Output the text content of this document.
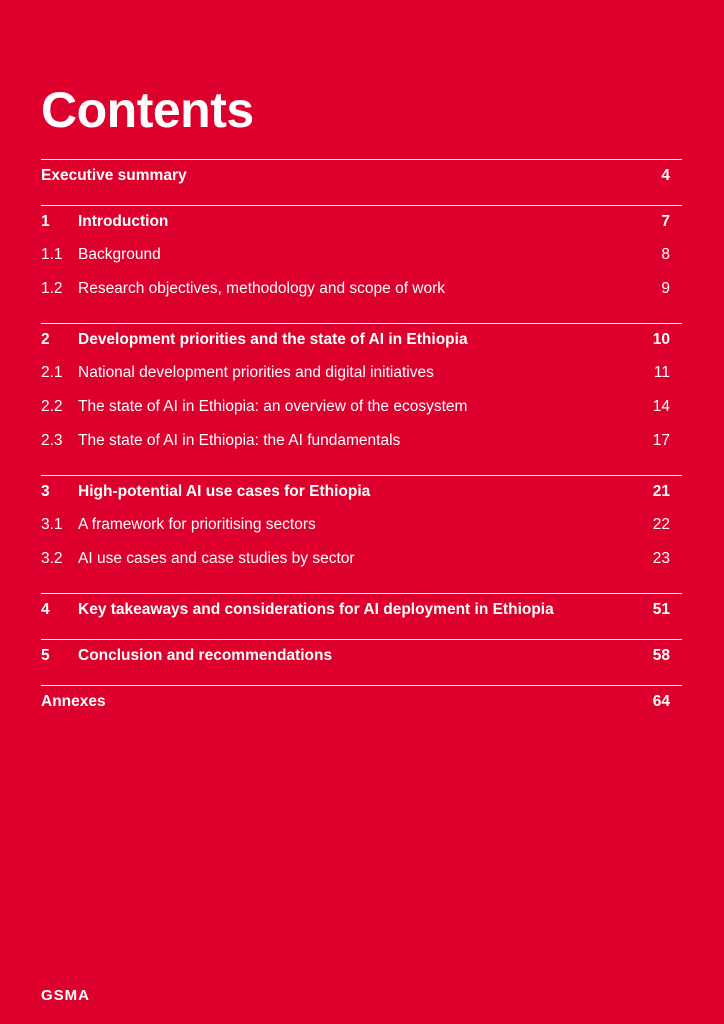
Contents
Executive summary	4
1	Introduction	7
1.1 Background	8
1.2 Research objectives, methodology and scope of work	9
2	Development priorities and the state of AI in Ethiopia	10
2.1 National development priorities and digital initiatives	11
2.2 The state of AI in Ethiopia: an overview of the ecosystem	14
2.3 The state of AI in Ethiopia: the AI fundamentals	17
3	High-potential AI use cases for Ethiopia	21
3.1 A framework for prioritising sectors	22
3.2 AI use cases and case studies by sector	23
4	Key takeaways and considerations for AI deployment in Ethiopia	51
5	Conclusion and recommendations	58
Annexes	64
GSMA
